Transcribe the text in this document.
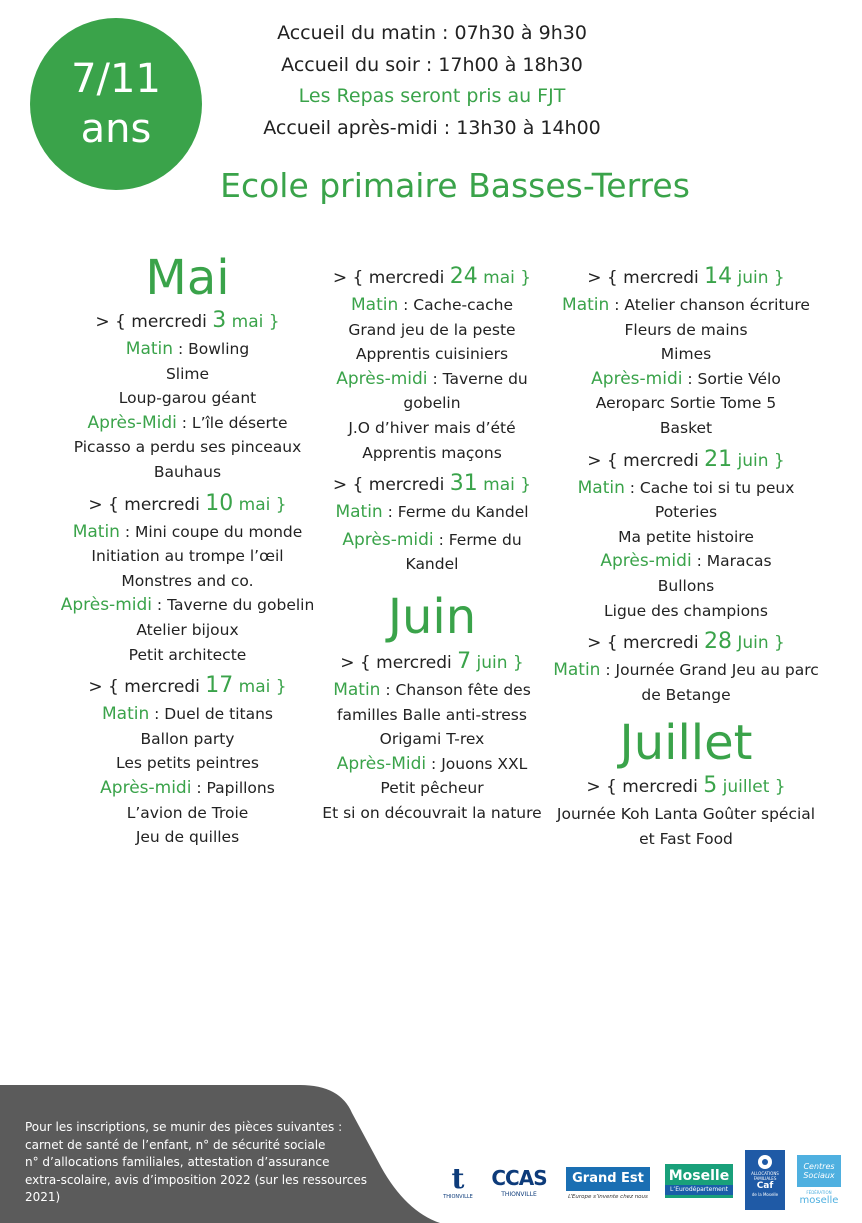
7/11
ans
Accueil du matin : 07h30 à 9h30
Accueil du soir : 17h00 à 18h30
Les Repas seront pris au FJT
Accueil après-midi : 13h30 à 14h00
Ecole primaire Basses-Terres
Mai
> { mercredi 3 mai }
Matin : Bowling
Slime
Loup-garou géant
Après-Midi : L’île déserte
Picasso a perdu ses pinceaux
Bauhaus
> { mercredi 10 mai }
Matin : Mini coupe du monde
Initiation au trompe l’œil
Monstres and co.
Après-midi : Taverne du gobelin
Atelier bijoux
Petit architecte
> { mercredi 17 mai }
Matin : Duel de titans
Ballon party
Les petits peintres
Après-midi : Papillons
L’avion de Troie
Jeu de quilles
> { mercredi 24 mai }
Matin : Cache-cache
Grand jeu de la peste
Apprentis cuisiniers
Après-midi : Taverne du
gobelin
J.O d’hiver mais d’été
Apprentis maçons
> { mercredi 31 mai }
Matin : Ferme du Kandel
Après-midi : Ferme du
Kandel
Juin
> { mercredi 7 juin }
Matin : Chanson fête des
familles Balle anti-stress
Origami T-rex
Après-Midi : Jouons XXL
Petit pêcheur
Et si on découvrait la nature
> { mercredi 14 juin }
Matin : Atelier chanson écriture
Fleurs de mains
Mimes
Après-midi : Sortie Vélo
Aeroparc Sortie Tome 5
Basket
> { mercredi 21 juin }
Matin : Cache toi si tu peux
Poteries
Ma petite histoire
Après-midi : Maracas
Bullons
Ligue des champions
> { mercredi 28 Juin }
Matin : Journée Grand Jeu au parc
de Betange
Juillet
> { mercredi 5 juillet }
Journée Koh Lanta Goûter spécial
et Fast Food
Pour les inscriptions, se munir des pièces suivantes :
carnet de santé de l’enfant, n° de sécurité sociale
n° d’allocations familiales, attestation d’assurance
extra-scolaire, avis d’imposition 2022 (sur les ressources 2021)
t
THIONVILLE
CCAS
THIONVILLE
Grand Est
L’Europe s’invente chez nous
Moselle
L’Eurodépartement
ALLOCATIONS FAMILIALES
Caf
de la Moselle
Centres Sociaux
FÉDÉRATION
moselle
